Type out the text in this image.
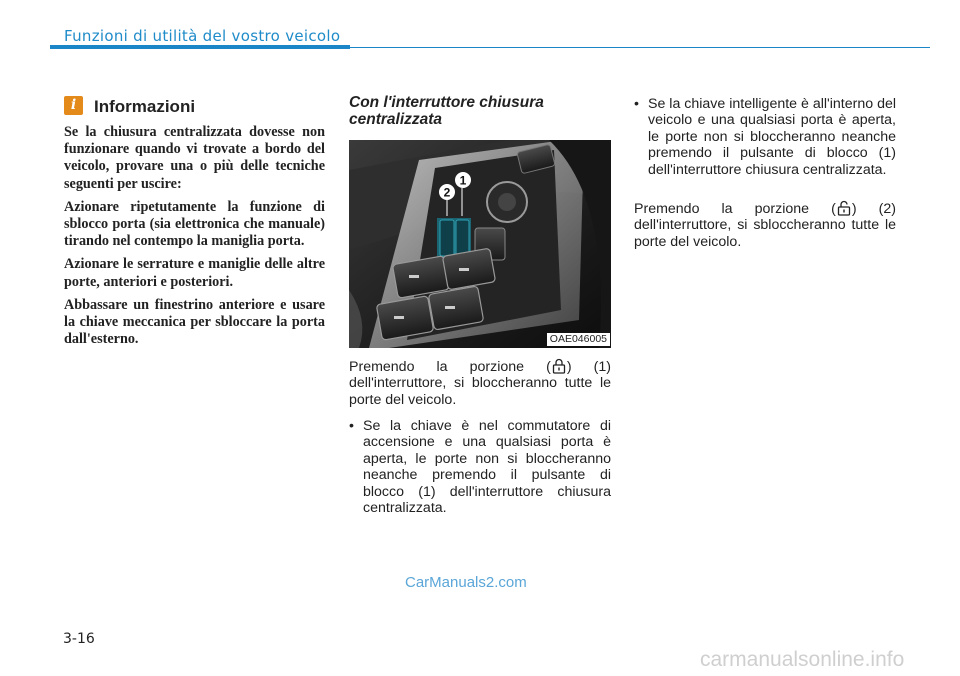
Funzioni di utilità del vostro veicolo
i	Informazioni

Se la chiusura centralizzata dovesse non funzionare quando vi trovate a bordo del veicolo, provare una o più delle tecniche seguenti per uscire:

Azionare ripetutamente la funzione di sblocco porta (sia elettronica che manuale) tirando nel contempo la maniglia porta.

Azionare le serrature e maniglie delle altre porte, anteriori e posteriori.

Abbassare un finestrino anteriore e usare la chiave meccanica per sbloccare la porta dall'esterno.

Con l'interruttore chiusura centralizzata
2
1
OAE046005
Premendo la porzione ( ) (1) dell'interruttore, si bloccheranno tutte le porte del veicolo.
• Se la chiave è nel commutatore di accensione e una qualsiasi porta è aperta, le porte non si bloccheranno neanche premendo il pulsante di blocco (1) dell'interruttore chiusura centralizzata.
• Se la chiave intelligente è all'interno del veicolo e una qualsiasi porta è aperta, le porte non si bloccheranno neanche premendo il pulsante di blocco (1) dell'interruttore chiusura centralizzata.
Premendo la porzione ( ) (2) dell'interruttore, si sbloccheranno tutte le porte del veicolo.
CarManuals2.com
3-16
carmanualsonline.info
